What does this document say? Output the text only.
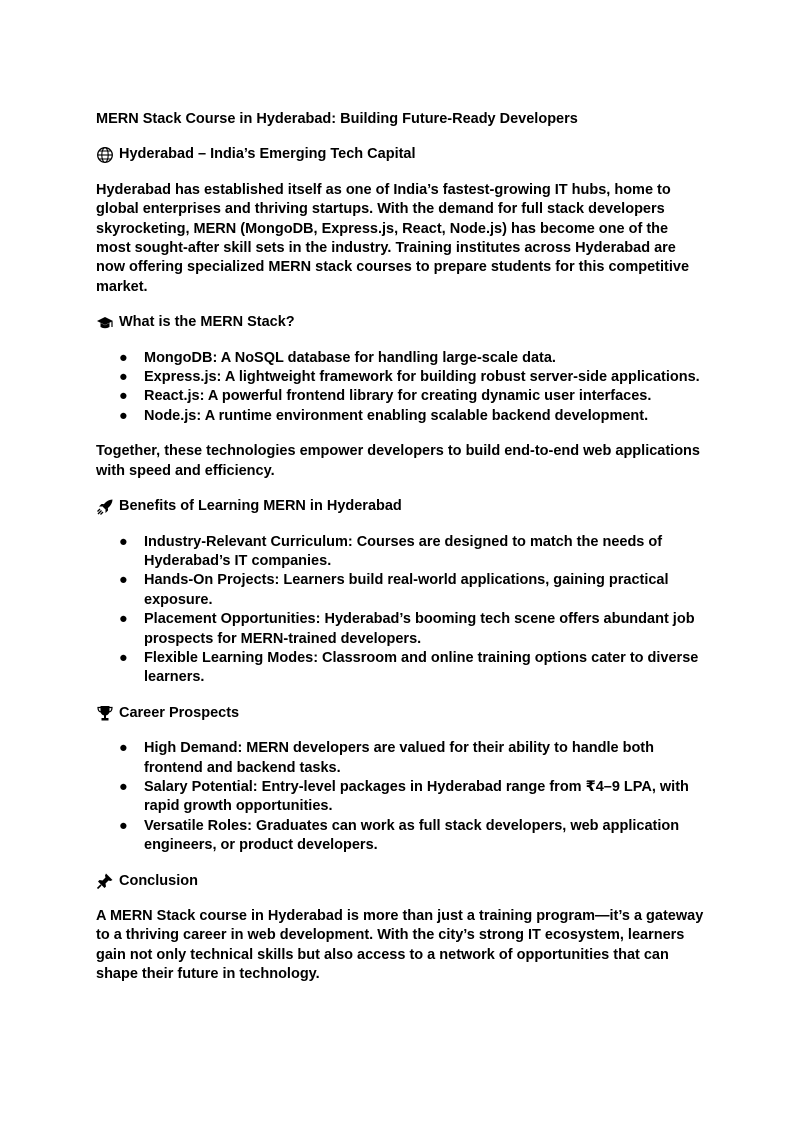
MERN Stack Course in Hyderabad: Building Future-Ready Developers

Hyderabad – India’s Emerging Tech Capital

Hyderabad has established itself as one of India’s fastest-growing IT hubs, home to global enterprises and thriving startups. With the demand for full stack developers skyrocketing, MERN (MongoDB, Express.js, React, Node.js) has become one of the most sought-after skill sets in the industry. Training institutes across Hyderabad are now offering specialized MERN stack courses to prepare students for this competitive market.

What is the MERN Stack?
● MongoDB: A NoSQL database for handling large-scale data.
● Express.js: A lightweight framework for building robust server-side applications.
● React.js: A powerful frontend library for creating dynamic user interfaces.
● Node.js: A runtime environment enabling scalable backend development.

Together, these technologies empower developers to build end-to-end web applications with speed and efficiency.

Benefits of Learning MERN in Hyderabad
● Industry-Relevant Curriculum: Courses are designed to match the needs of Hyderabad’s IT companies.
● Hands-On Projects: Learners build real-world applications, gaining practical exposure.
● Placement Opportunities: Hyderabad’s booming tech scene offers abundant job prospects for MERN-trained developers.
● Flexible Learning Modes: Classroom and online training options cater to diverse learners.
Career Prospects
● High Demand: MERN developers are valued for their ability to handle both frontend and backend tasks.
● Salary Potential: Entry-level packages in Hyderabad range from ₹4–9 LPA, with rapid growth opportunities.
● Versatile Roles: Graduates can work as full stack developers, web application engineers, or product developers.
Conclusion

A MERN Stack course in Hyderabad is more than just a training program—it’s a gateway to a thriving career in web development. With the city’s strong IT ecosystem, learners gain not only technical skills but also access to a network of opportunities that can shape their future in technology.
